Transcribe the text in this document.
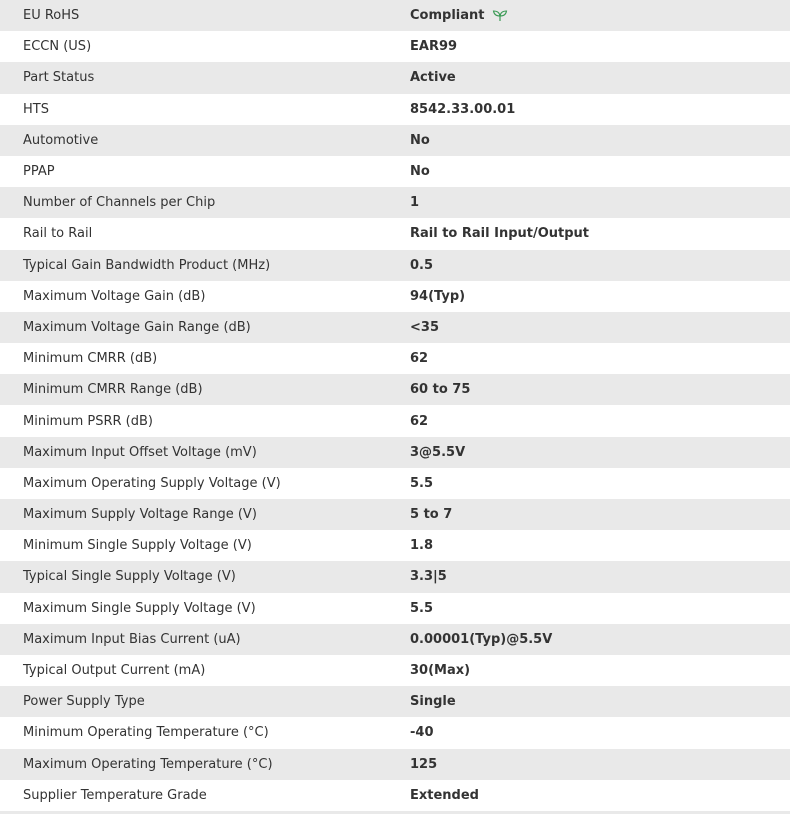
EU RoHS	Compliant
ECCN (US)	EAR99
Part Status	Active
HTS	8542.33.00.01
Automotive	No
PPAP	No
Number of Channels per Chip	1
Rail to Rail	Rail to Rail Input/Output
Typical Gain Bandwidth Product (MHz)	0.5
Maximum Voltage Gain (dB)	94(Typ)
Maximum Voltage Gain Range (dB)	<35
Minimum CMRR (dB)	62
Minimum CMRR Range (dB)	60 to 75
Minimum PSRR (dB)	62
Maximum Input Offset Voltage (mV)	3@5.5V
Maximum Operating Supply Voltage (V)	5.5
Maximum Supply Voltage Range (V)	5 to 7
Minimum Single Supply Voltage (V)	1.8
Typical Single Supply Voltage (V)	3.3|5
Maximum Single Supply Voltage (V)	5.5
Maximum Input Bias Current (uA)	0.00001(Typ)@5.5V
Typical Output Current (mA)	30(Max)
Power Supply Type	Single
Minimum Operating Temperature (°C)	-40
Maximum Operating Temperature (°C)	125
Supplier Temperature Grade	Extended
